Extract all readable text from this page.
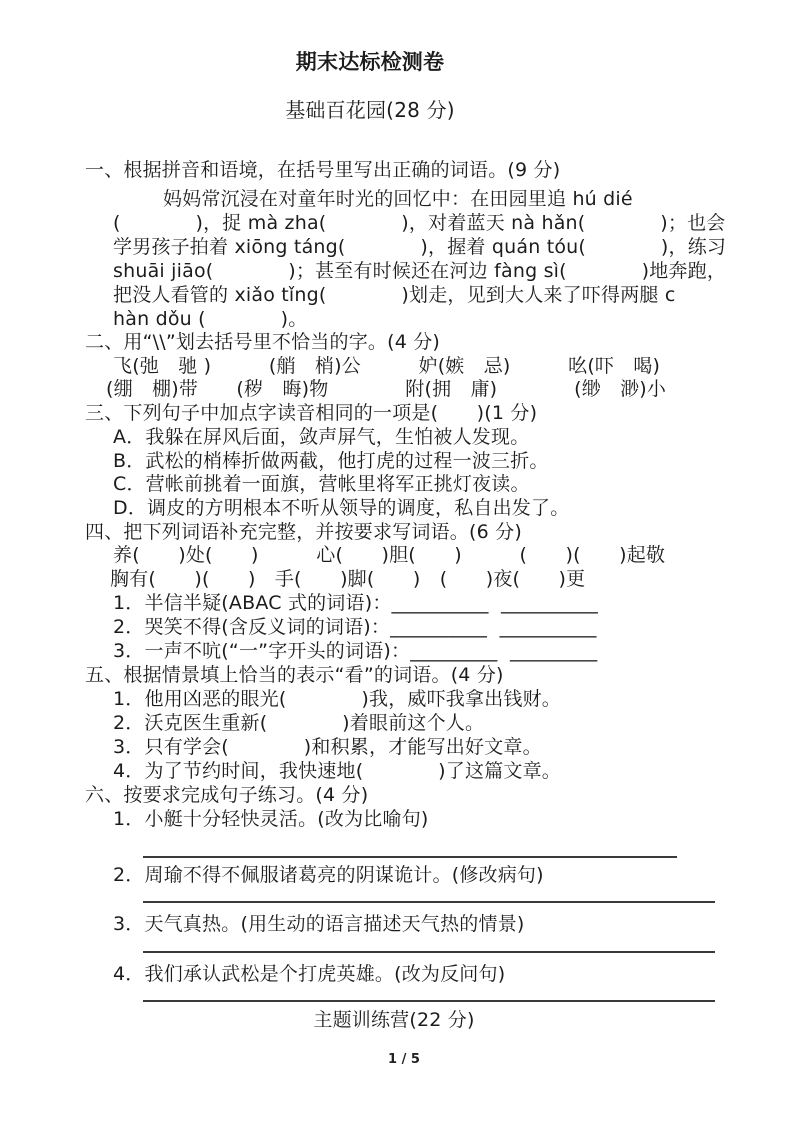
期末达标检测卷
基础百花园(28 分)
一、根据拼音和语境，在括号里写出正确的词语。(9 分)
妈妈常沉浸在对童年时光的回忆中：在田园里追 hú dié
(            )，捉 mà zha(            )，对着蓝天 nà hǎn(            )；也会
学男孩子拍着 xiōng táng(            )，握着 quán tóu(            )，练习
shuāi jiāo(            )；甚至有时候还在河边 fàng sì(            )地奔跑，
把没人看管的 xiǎo tǐng(            )划走，见到大人来了吓得两腿 c
hàn dǒu (            )。
二、用“\\”划去括号里不恰当的字。(4 分)
飞(弛　驰 )　　　(艄　梢)公　　　妒(嫉　忌)　　　吆(吓　喝)
(绷　棚)带　　(秽　晦)物　　　　附(拥　庸)　　　　(缈　渺)小
三、下列句子中加点字读音相同的一项是(　　)(1 分)
A．我躲在屏风后面，敛声屏气，生怕被人发现。
B．武松的梢棒折做两截，他打虎的过程一波三折。
C．营帐前挑着一面旗，营帐里将军正挑灯夜读。
D．调皮的方明根本不听从领导的调度，私自出发了。
四、把下列词语补充完整，并按要求写词语。(6 分)
养(　　)处(　　)　　　心(　　)胆(　　)　　　(　　)(　　)起敬
胸有(　　)(　　)　手(　　)脚(　　)　(　　)夜(　　)更
1．半信半疑(ABAC 式的词语)：__________  __________
2．哭笑不得(含反义词的词语)：__________  __________
3．一声不吭(“一”字开头的词语)：_________  _________
五、根据情景填上恰当的表示“看”的词语。(4 分)
1．他用凶恶的眼光(            )我，威吓我拿出钱财。
2．沃克医生重新(            )着眼前这个人。
3．只有学会(            )和积累，才能写出好文章。
4．为了节约时间，我快速地(            )了这篇文章。
六、按要求完成句子练习。(4 分)
1．小艇十分轻快灵活。(改为比喻句)
2．周瑜不得不佩服诸葛亮的阴谋诡计。(修改病句)
3．天气真热。(用生动的语言描述天气热的情景)
4．我们承认武松是个打虎英雄。(改为反问句)
主题训练营(22 分)
1 / 5
